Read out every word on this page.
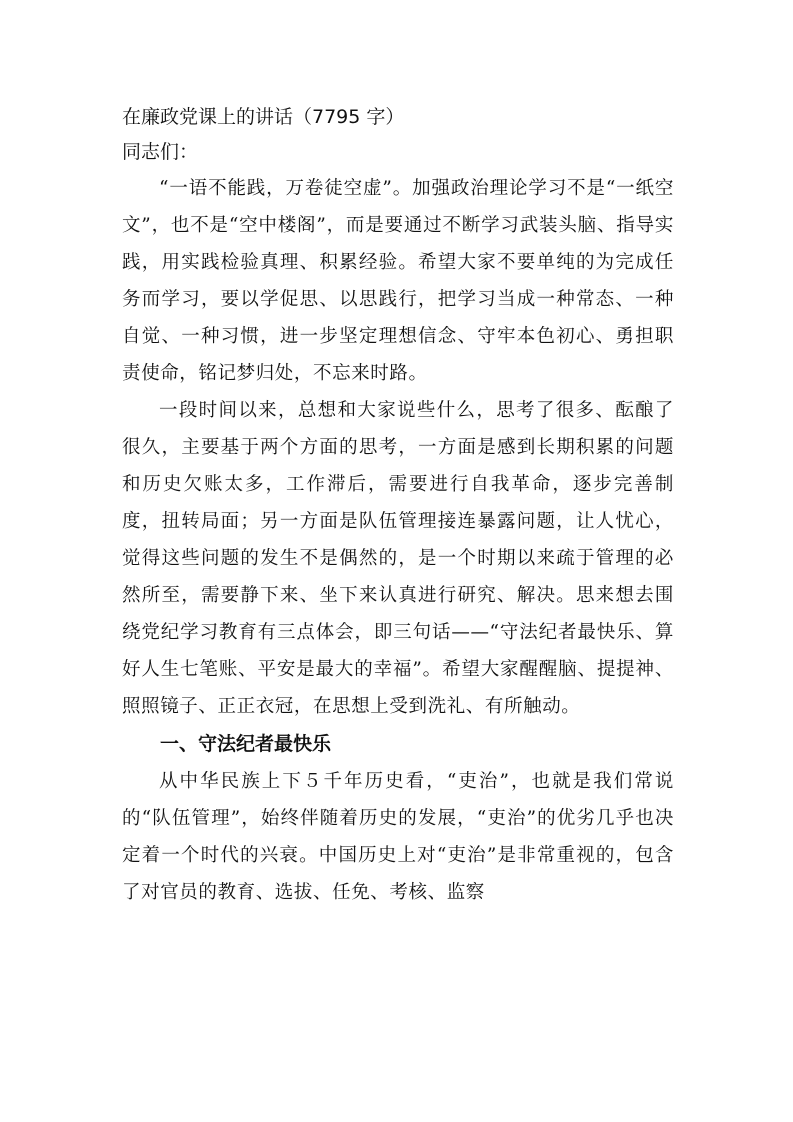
在廉政党课上的讲话（7795 字）

同志们：

“一语不能践，万卷徒空虚”。加强政治理论学习不是“一纸空文”，也不是“空中楼阁”，而是要通过不断学习武装头脑、指导实践，用实践检验真理、积累经验。希望大家不要单纯的为完成任务而学习，要以学促思、以思践行，把学习当成一种常态、一种自觉、一种习惯，进一步坚定理想信念、守牢本色初心、勇担职责使命，铭记梦归处，不忘来时路。

一段时间以来，总想和大家说些什么，思考了很多、酝酿了很久，主要基于两个方面的思考，一方面是感到长期积累的问题和历史欠账太多，工作滞后，需要进行自我革命，逐步完善制度，扭转局面；另一方面是队伍管理接连暴露问题，让人忧心，觉得这些问题的发生不是偶然的，是一个时期以来疏于管理的必然所至，需要静下来、坐下来认真进行研究、解决。思来想去围绕党纪学习教育有三点体会，即三句话——“守法纪者最快乐、算好人生七笔账、平安是最大的幸福”。希望大家醒醒脑、提提神、照照镜子、正正衣冠，在思想上受到洗礼、有所触动。

一、守法纪者最快乐

从中华民族上下５千年历史看，“吏治”，也就是我们常说的“队伍管理”，始终伴随着历史的发展，“吏治”的优劣几乎也决定着一个时代的兴衰。中国历史上对“吏治”是非常重视的，包含了对官员的教育、选拔、任免、考核、监察
